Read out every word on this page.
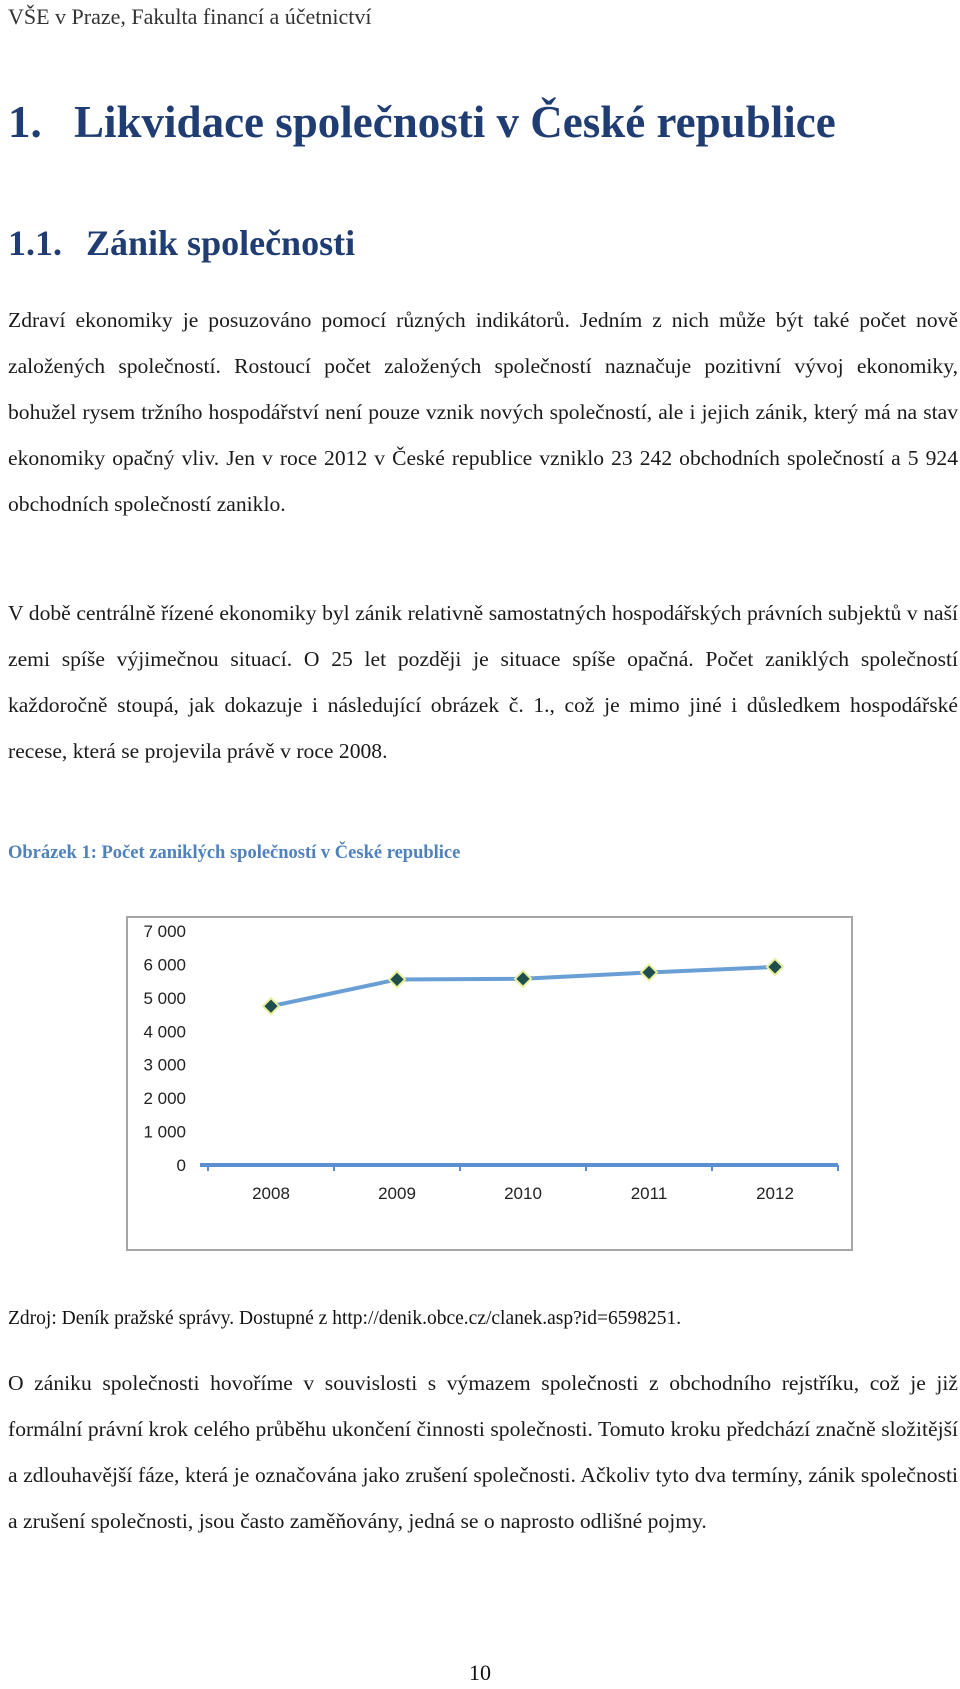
VŠE v Praze, Fakulta financí a účetnictví
1. Likvidace společnosti v České republice
1.1. Zánik společnosti

Zdraví ekonomiky je posuzováno pomocí různých indikátorů. Jedním z nich může být také počet nově založených společností. Rostoucí počet založených společností naznačuje pozitivní vývoj ekonomiky, bohužel rysem tržního hospodářství není pouze vznik nových společností, ale i jejich zánik, který má na stav ekonomiky opačný vliv. Jen v roce 2012 v České republice vzniklo 23 242 obchodních společností a 5 924 obchodních společností zaniklo.

V době centrálně řízené ekonomiky byl zánik relativně samostatných hospodářských právních subjektů v naší zemi spíše výjimečnou situací. O 25 let později je situace spíše opačná. Počet zaniklých společností každoročně stoupá, jak dokazuje i následující obrázek č. 1., což je mimo jiné i důsledkem hospodářské recese, která se projevila právě v roce 2008.

Obrázek 1: Počet zaniklých společností v České republice
0
1 000
2 000
3 000
4 000
5 000
6 000
7 000
2008	2009	2010	2011	2012
Zdroj: Deník pražské správy. Dostupné z http://denik.obce.cz/clanek.asp?id=6598251.

O zániku společnosti hovoříme v souvislosti s výmazem společnosti z obchodního rejstříku, což je již formální právní krok celého průběhu ukončení činnosti společnosti. Tomuto kroku předchází značně složitější a zdlouhavější fáze, která je označována jako zrušení společnosti. Ačkoliv tyto dva termíny, zánik společnosti a zrušení společnosti, jsou často zaměňovány, jedná se o naprosto odlišné pojmy.

10
